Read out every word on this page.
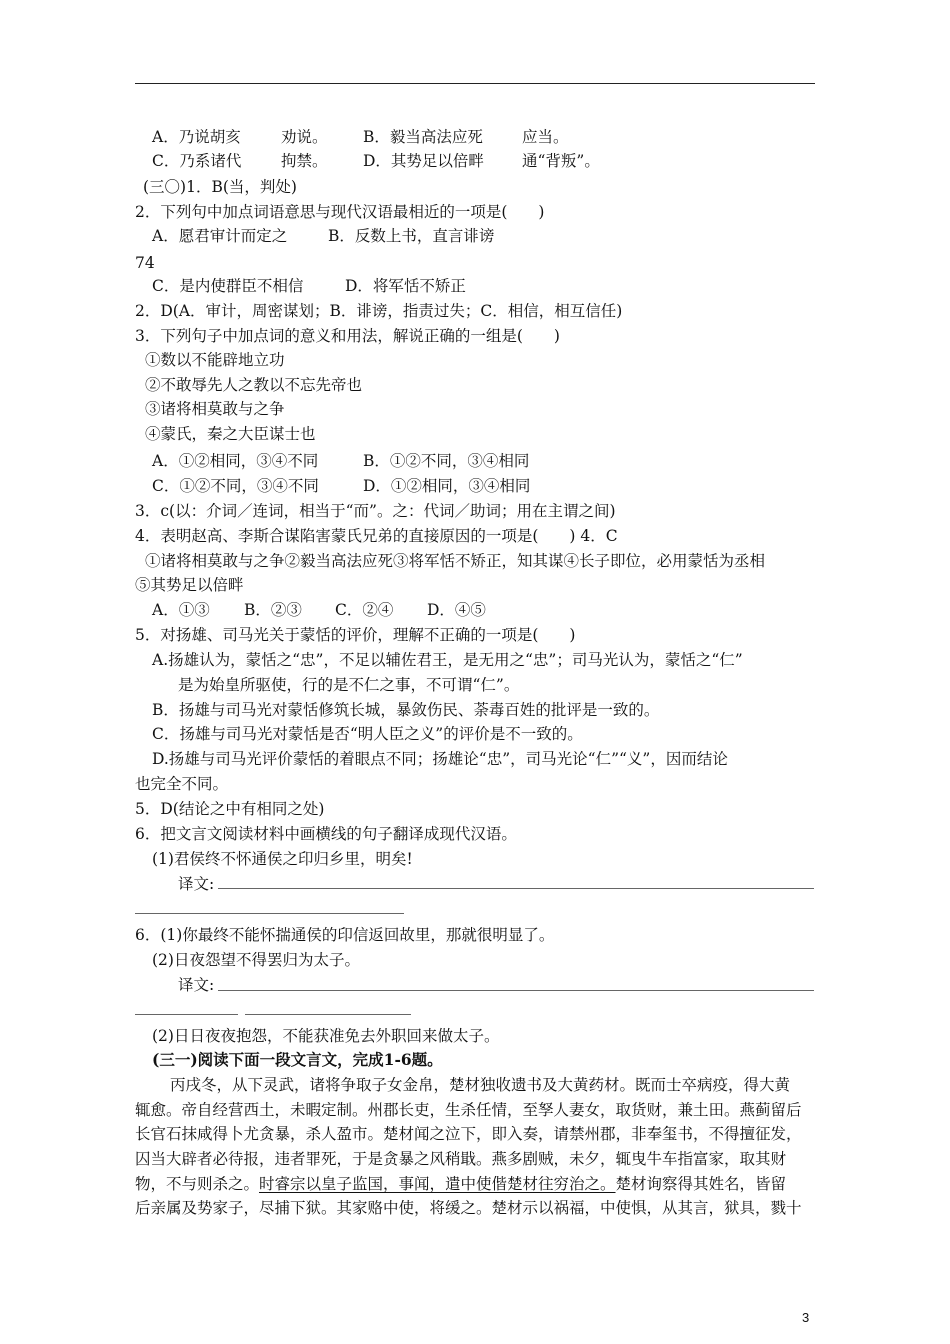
A．乃说胡亥	劝说。 B．毅当高法应死	应当。
C．乃系诸代	拘禁。 D．其势足以倍畔 通“背叛”。
(三〇)1．B(当，判处)
2．下列句中加点词语意思与现代汉语最相近的一项是(　　)
A．愿君审计而定之	B．反数上书，直言诽谤
74
C．是内使群臣不相信	D．将军恬不矫正
2．D(A．审计，周密谋划；B．诽谤，指责过失；C．相信，相互信任)
3．下列句子中加点词的意义和用法，解说正确的一组是(　　)
①数以不能辟地立功
②不敢辱先人之教以不忘先帝也
③诸将相莫敢与之争
④蒙氏，秦之大臣谋士也
A．①②相同，③④不同	B．①②不同，③④相同
C．①②不同，③④不同	D．①②相同，③④相同
3．c(以：介词／连词，相当于“而”。之：代词／助词；用在主谓之间)
4．表明赵高、李斯合谋陷害蒙氏兄弟的直接原因的一项是(　　) 4．C
①诸将相莫敢与之争②毅当高法应死③将军恬不矫正，知其谋④长子即位，必用蒙恬为丞相
⑤其势足以倍畔
A．①③ B．②③ C．②④ D．④⑤
5．对扬雄、司马光关于蒙恬的评价，理解不正确的一项是(　　)
A.扬雄认为，蒙恬之“忠”，不足以辅佐君王，是无用之“忠”；司马光认为，蒙恬之“仁”
是为始皇所驱使，行的是不仁之事，不可谓“仁”。
B．扬雄与司马光对蒙恬修筑长城，暴敛伤民、荼毒百姓的批评是一致的。
C．扬雄与司马光对蒙恬是否“明人臣之义”的评价是不一致的。
D.扬雄与司马光评价蒙恬的着眼点不同；扬雄论“忠”，司马光论“仁”“义”，因而结论
也完全不同。
5．D(结论之中有相同之处)
6．把文言文阅读材料中画横线的句子翻译成现代汉语。
(1)君侯终不怀通侯之印归乡里，明矣!
译文:
6．(1)你最终不能怀揣通侯的印信返回故里，那就很明显了。
(2)日夜怨望不得罢归为太子。
译文:
(2)日日夜夜抱怨，不能获准免去外职回来做太子。
(三一)阅读下面一段文言文，完成1-6题。
丙戌冬，从下灵武，诸将争取子女金帛，楚材独收遗书及大黄药材。既而士卒病疫，得大黄
辄愈。帝自经营西土，未暇定制。州郡长吏，生杀任情，至孥人妻女，取货财，兼土田。燕蓟留后
长官石抹咸得卜尤贪暴，杀人盈市。楚材闻之泣下，即入奏，请禁州郡，非奉玺书，不得擅征发，
囚当大辟者必待报，违者罪死，于是贪暴之风稍戢。燕多剧贼，未夕，辄曳牛车指富家，取其财
物，不与则杀之。时睿宗以皇子监国，事闻，遣中使偕楚材往穷治之。楚材询察得其姓名，皆留
后亲属及势家子，尽捕下狱。其家赂中使，将缓之。楚材示以祸福，中使惧，从其言，狱具，戮十
3
